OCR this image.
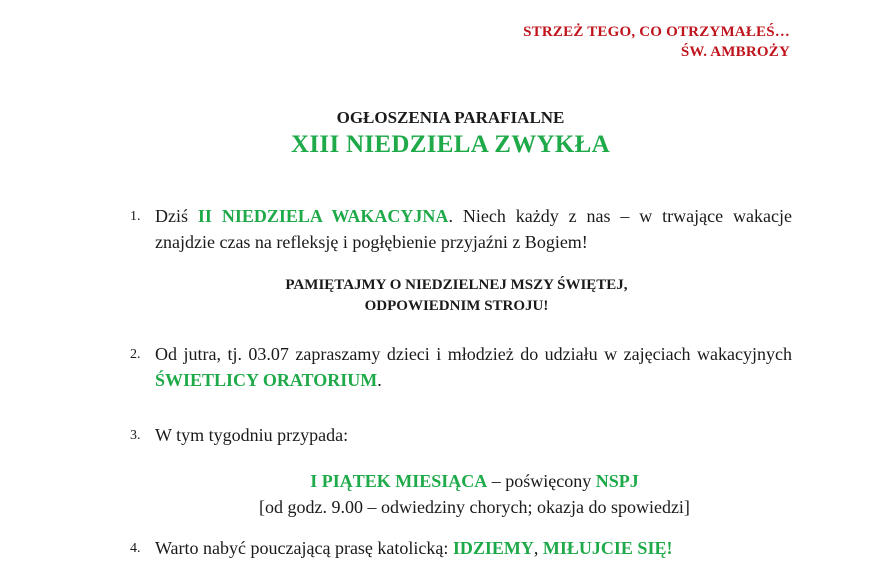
STRZEŻ TEGO, CO OTRZYMAŁEŚ…
ŚW. AMBROŻY
OGŁOSZENIA PARAFIALNE
XIII NIEDZIELA ZWYKŁA
1. Dziś II NIEDZIELA WAKACYJNA. Niech każdy z nas – w trwające wakacje znajdzie czas na refleksję i pogłębienie przyjaźni z Bogiem!
PAMIĘTAJMY O NIEDZIELNEJ MSZY ŚWIĘTEJ,
ODPOWIEDNIM STROJU!
2. Od jutra, tj. 03.07 zapraszamy dzieci i młodzież do udziału w zajęciach wakacyjnych ŚWIETLICY ORATORIUM.
3. W tym tygodniu przypada:
I PIĄTEK MIESIĄCA – poświęcony NSPJ
[od godz. 9.00 – odwiedziny chorych; okazja do spowiedzi]
4. Warto nabyć pouczającą prasę katolicką: IDZIEMY, MIŁUJCIE SIĘ!
